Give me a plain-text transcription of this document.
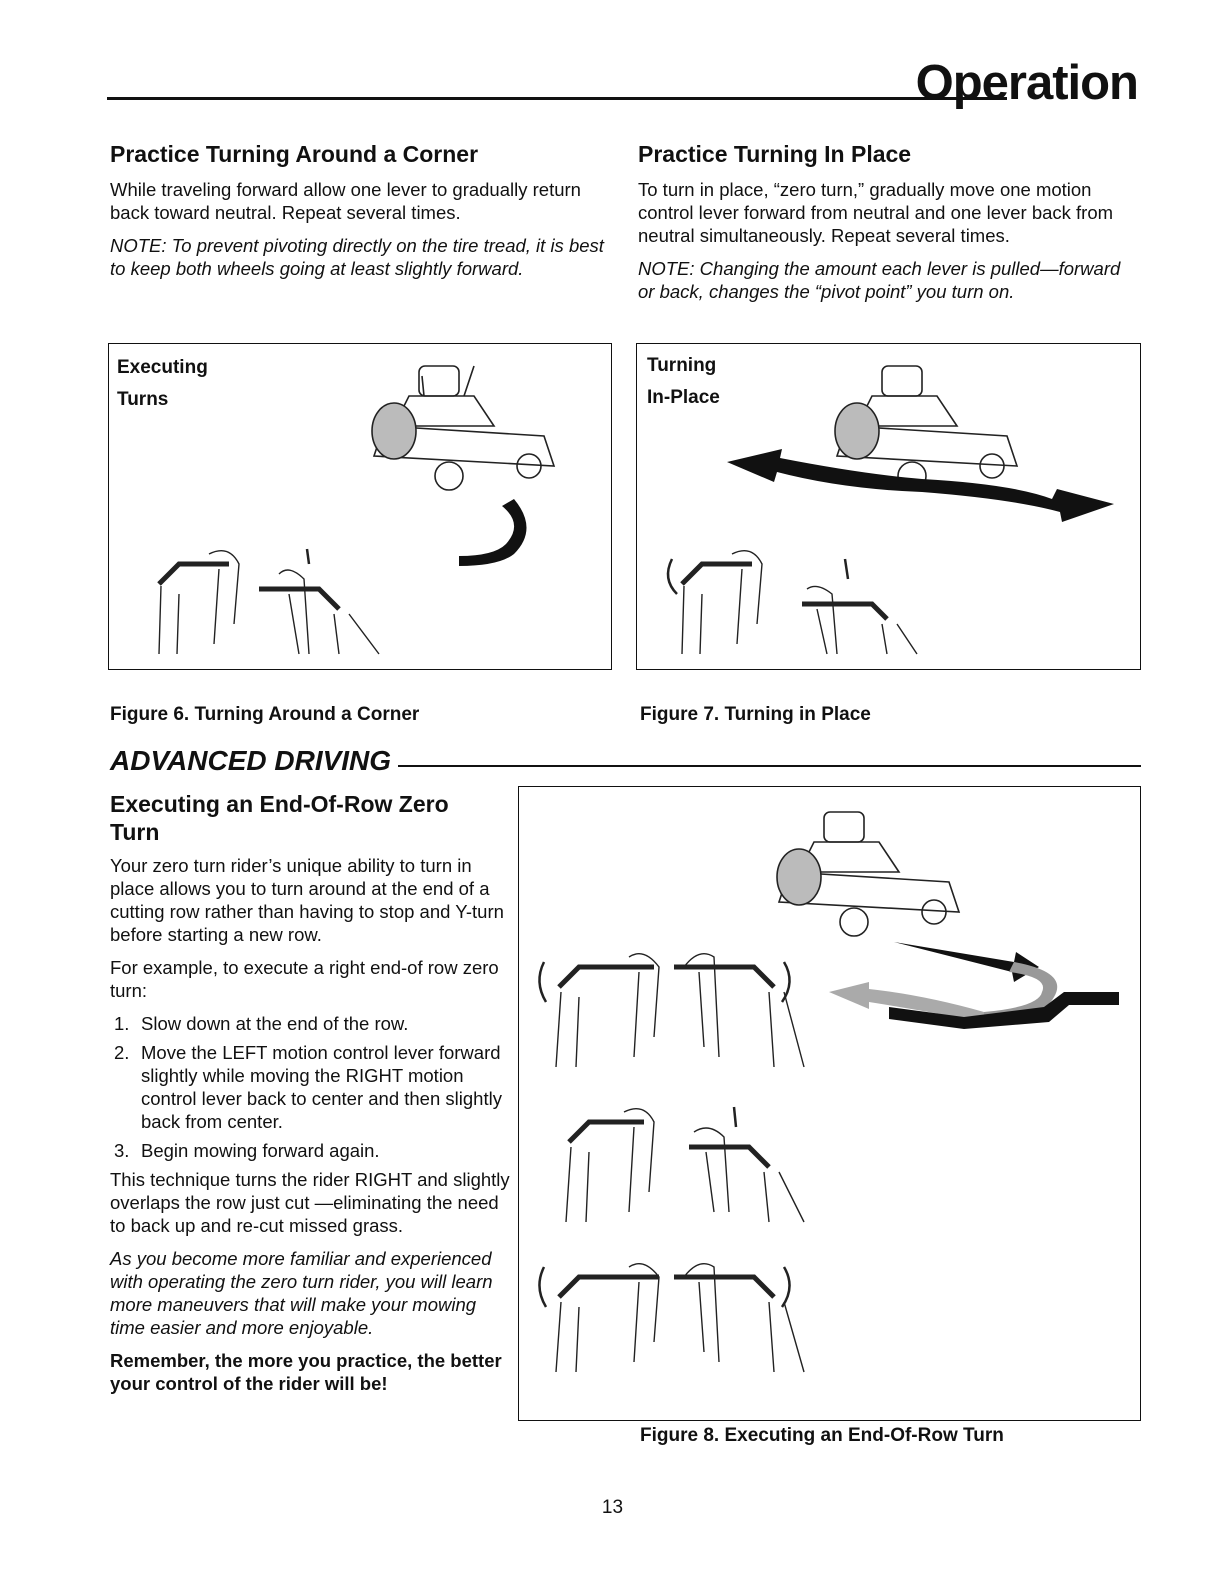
Operation
Practice Turning Around a Corner

While traveling forward allow one lever to gradually return back toward neutral. Repeat several times.

NOTE: To prevent pivoting directly on the tire tread, it is best to keep both wheels going at least slightly forward.

Practice Turning In Place

To turn in place, “zero turn,” gradually move one motion control lever forward from neutral and one lever back from neutral simultaneously. Repeat several times.

NOTE: Changing the amount each lever is pulled—forward or back, changes the “pivot point” you turn on.

Executing
Turns
Figure 6. Turning Around a Corner
Turning
In-Place
Figure 7. Turning in Place
ADVANCED DRIVING
Executing an End-Of-Row Zero Turn

Your zero turn rider’s unique ability to turn in place allows you to turn around at the end of a cutting row rather than having to stop and Y-turn before starting a new row.

For example, to execute a right end-of row zero turn:

1. Slow down at the end of the row.
2. Move the LEFT motion control lever forward slightly while moving the RIGHT motion control lever back to center and then slightly back from center.
3. Begin mowing forward again.

This technique turns the rider RIGHT and slightly overlaps the row just cut —eliminating the need to back up and re-cut missed grass.

As you become more familiar and experienced with operating the zero turn rider, you will learn more maneuvers that will make your mowing time easier and more enjoyable.

Remember, the more you practice, the better your control of the rider will be!

Figure 8. Executing an End-Of-Row Turn
13
